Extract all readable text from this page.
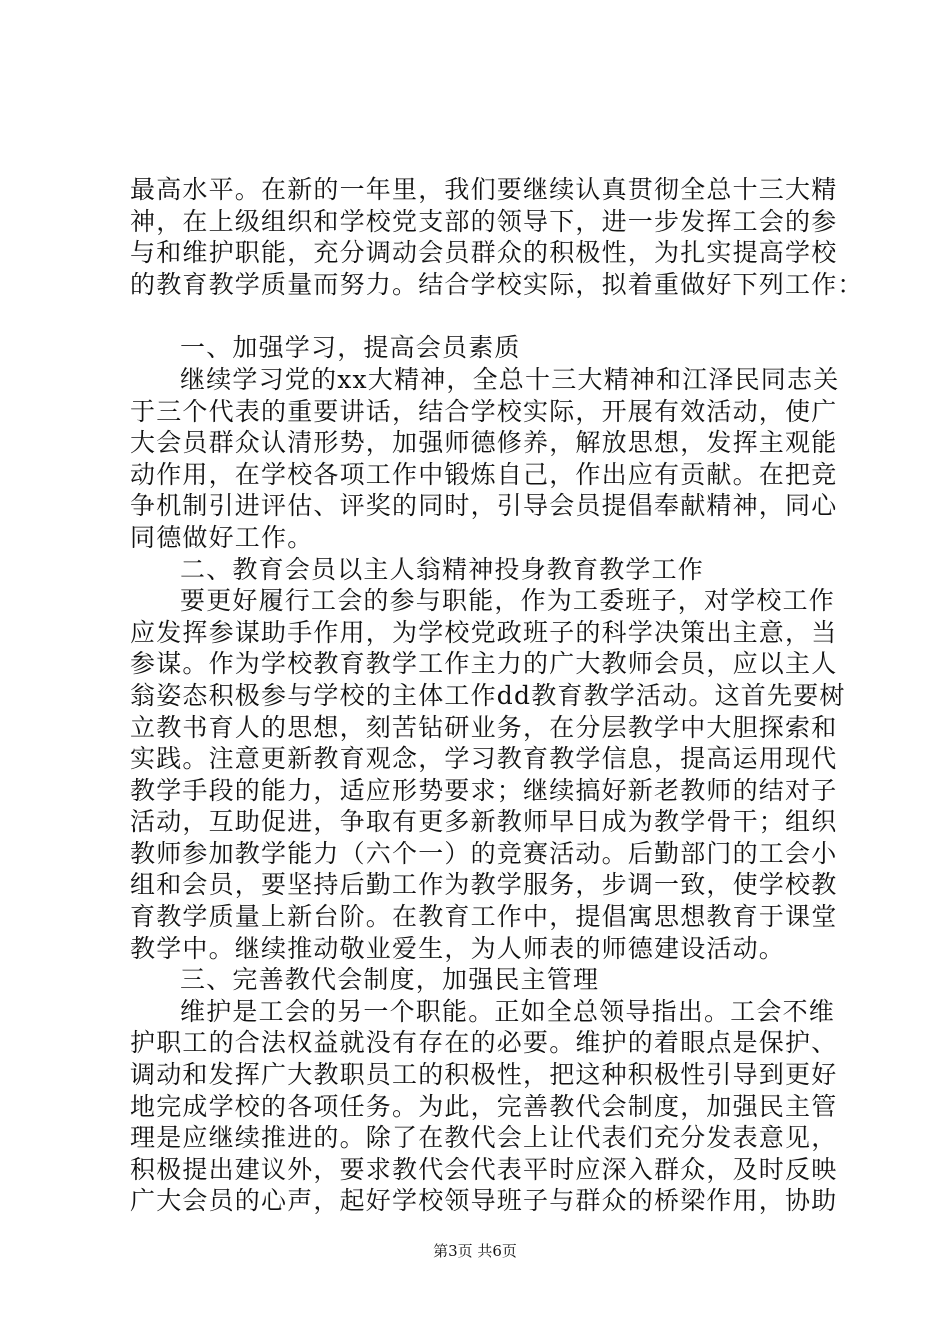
最高水平。在新的一年里，我们要继续认真贯彻全总十三大精
神，在上级组织和学校党支部的领导下，进一步发挥工会的参
与和维护职能，充分调动会员群众的积极性，为扎实提高学校
的教育教学质量而努力。结合学校实际，拟着重做好下列工作：
一、加强学习，提高会员素质
继续学习党的xx大精神，全总十三大精神和江泽民同志关
于三个代表的重要讲话，结合学校实际，开展有效活动，使广
大会员群众认清形势，加强师德修养，解放思想，发挥主观能
动作用，在学校各项工作中锻炼自己，作出应有贡献。在把竞
争机制引进评估、评奖的同时，引导会员提倡奉献精神，同心
同德做好工作。
二、教育会员以主人翁精神投身教育教学工作
要更好履行工会的参与职能，作为工委班子，对学校工作
应发挥参谋助手作用，为学校党政班子的科学决策出主意，当
参谋。作为学校教育教学工作主力的广大教师会员，应以主人
翁姿态积极参与学校的主体工作dd教育教学活动。这首先要树
立教书育人的思想，刻苦钻研业务，在分层教学中大胆探索和
实践。注意更新教育观念，学习教育教学信息，提高运用现代
教学手段的能力，适应形势要求；继续搞好新老教师的结对子
活动，互助促进，争取有更多新教师早日成为教学骨干；组织
教师参加教学能力（六个一）的竞赛活动。后勤部门的工会小
组和会员，要坚持后勤工作为教学服务，步调一致，使学校教
育教学质量上新台阶。在教育工作中，提倡寓思想教育于课堂
教学中。继续推动敬业爱生，为人师表的师德建设活动。
三、完善教代会制度，加强民主管理
维护是工会的另一个职能。正如全总领导指出。工会不维
护职工的合法权益就没有存在的必要。维护的着眼点是保护、
调动和发挥广大教职员工的积极性，把这种积极性引导到更好
地完成学校的各项任务。为此，完善教代会制度，加强民主管
理是应继续推进的。除了在教代会上让代表们充分发表意见，
积极提出建议外，要求教代会代表平时应深入群众，及时反映
广大会员的心声，起好学校领导班子与群众的桥梁作用，协助
第3页 共6页
